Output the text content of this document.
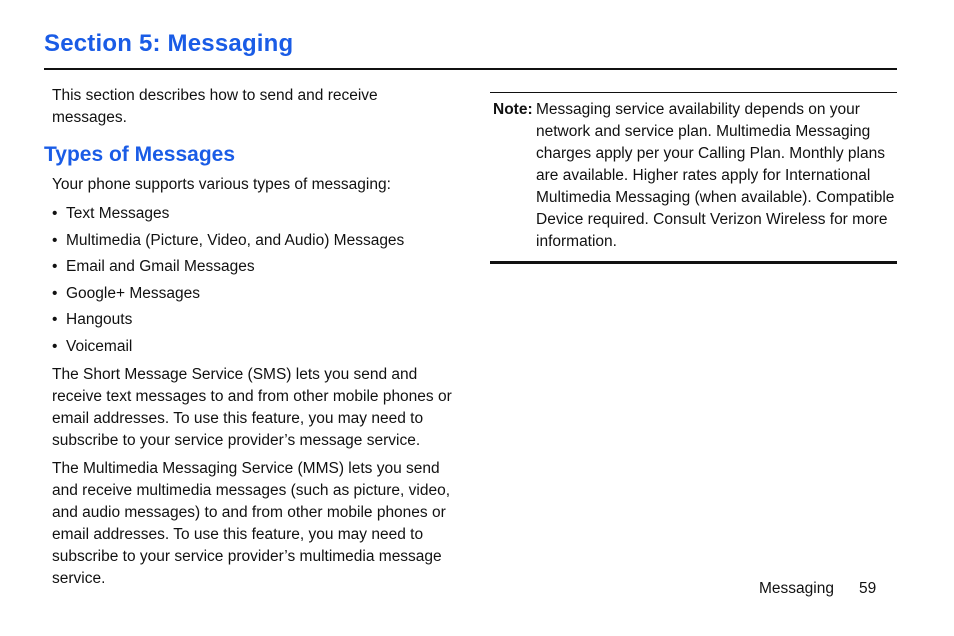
Section 5: Messaging

This section describes how to send and receive messages.

Types of Messages

Your phone supports various types of messaging:

• Text Messages
• Multimedia (Picture, Video, and Audio) Messages
• Email and Gmail Messages
• Google+ Messages
• Hangouts
• Voicemail

The Short Message Service (SMS) lets you send and receive text messages to and from other mobile phones or email addresses. To use this feature, you may need to subscribe to your service provider’s message service.

The Multimedia Messaging Service (MMS) lets you send and receive multimedia messages (such as picture, video, and audio messages) to and from other mobile phones or email addresses. To use this feature, you may need to subscribe to your service provider’s multimedia message service.

Note: Messaging service availability depends on your network and service plan. Multimedia Messaging charges apply per your Calling Plan. Monthly plans are available. Higher rates apply for International Multimedia Messaging (when available). Compatible Device required. Consult Verizon Wireless for more information.
Messaging 59
